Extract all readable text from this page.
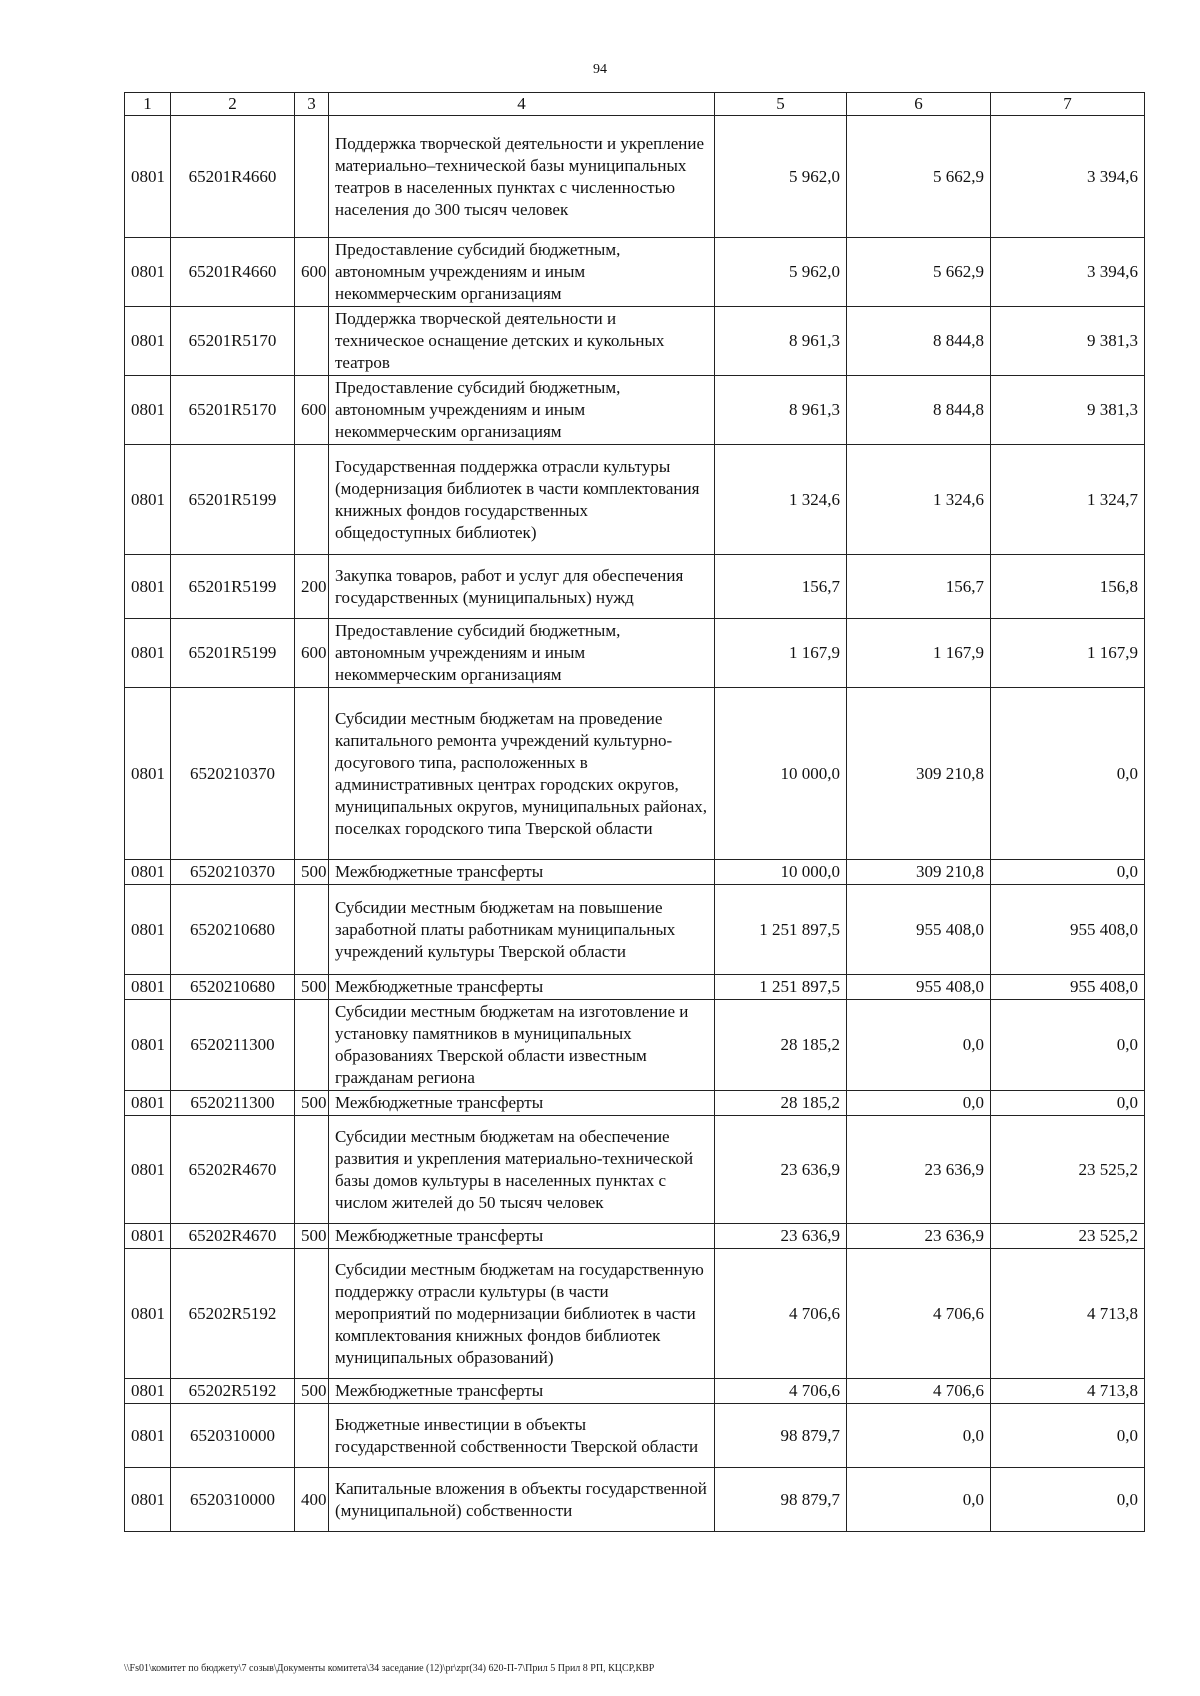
94
1	2	3	4	5	6	7
0801	65201R4660		Поддержка творческой деятельности и укрепление материально–технической базы муниципальных театров в населенных пунктах с численностью населения до 300 тысяч человек	5 962,0	5 662,9	3 394,6
0801	65201R4660	600	Предоставление субсидий бюджетным, автономным учреждениям и иным некоммерческим организациям	5 962,0	5 662,9	3 394,6
0801	65201R5170		Поддержка творческой деятельности и техническое оснащение детских и кукольных театров	8 961,3	8 844,8	9 381,3
0801	65201R5170	600	Предоставление субсидий бюджетным, автономным учреждениям и иным некоммерческим организациям	8 961,3	8 844,8	9 381,3
0801	65201R5199		Государственная поддержка отрасли культуры (модернизация библиотек в части комплектования книжных фондов государственных общедоступных библиотек)	1 324,6	1 324,6	1 324,7
0801	65201R5199	200	Закупка товаров, работ и услуг для обеспечения государственных (муниципальных) нужд	156,7	156,7	156,8
0801	65201R5199	600	Предоставление субсидий бюджетным, автономным учреждениям и иным некоммерческим организациям	1 167,9	1 167,9	1 167,9
0801	6520210370		Субсидии местным бюджетам на проведение капитального ремонта учреждений культурно-досугового типа, расположенных в административных центрах городских округов, муниципальных округов, муниципальных районах, поселках городского типа Тверской области	10 000,0	309 210,8	0,0
0801	6520210370	500	Межбюджетные трансферты	10 000,0	309 210,8	0,0
0801	6520210680		Субсидии местным бюджетам на повышение заработной платы работникам муниципальных учреждений культуры Тверской области	1 251 897,5	955 408,0	955 408,0
0801	6520210680	500	Межбюджетные трансферты	1 251 897,5	955 408,0	955 408,0
0801	6520211300		Субсидии местным бюджетам на изготовление и установку памятников в муниципальных образованиях Тверской области известным гражданам региона	28 185,2	0,0	0,0
0801	6520211300	500	Межбюджетные трансферты	28 185,2	0,0	0,0
0801	65202R4670		Субсидии местным бюджетам на обеспечение развития и укрепления материально-технической базы домов культуры в населенных пунктах с числом жителей до 50 тысяч человек	23 636,9	23 636,9	23 525,2
0801	65202R4670	500	Межбюджетные трансферты	23 636,9	23 636,9	23 525,2
0801	65202R5192		Субсидии местным бюджетам на государственную поддержку отрасли культуры (в части мероприятий по модернизации библиотек в части комплектования книжных фондов библиотек муниципальных образований)	4 706,6	4 706,6	4 713,8
0801	65202R5192	500	Межбюджетные трансферты	4 706,6	4 706,6	4 713,8
0801	6520310000		Бюджетные инвестиции в объекты государственной собственности Тверской области	98 879,7	0,0	0,0
0801	6520310000	400	Капитальные вложения в объекты государственной (муниципальной) собственности	98 879,7	0,0	0,0
\\Fs01\комитет по бюджету\7 созыв\Документы комитета\34 заседание (12)\pr\zpr(34) 620-П-7\Прил 5 Прил 8 РП, КЦСР,КВР
